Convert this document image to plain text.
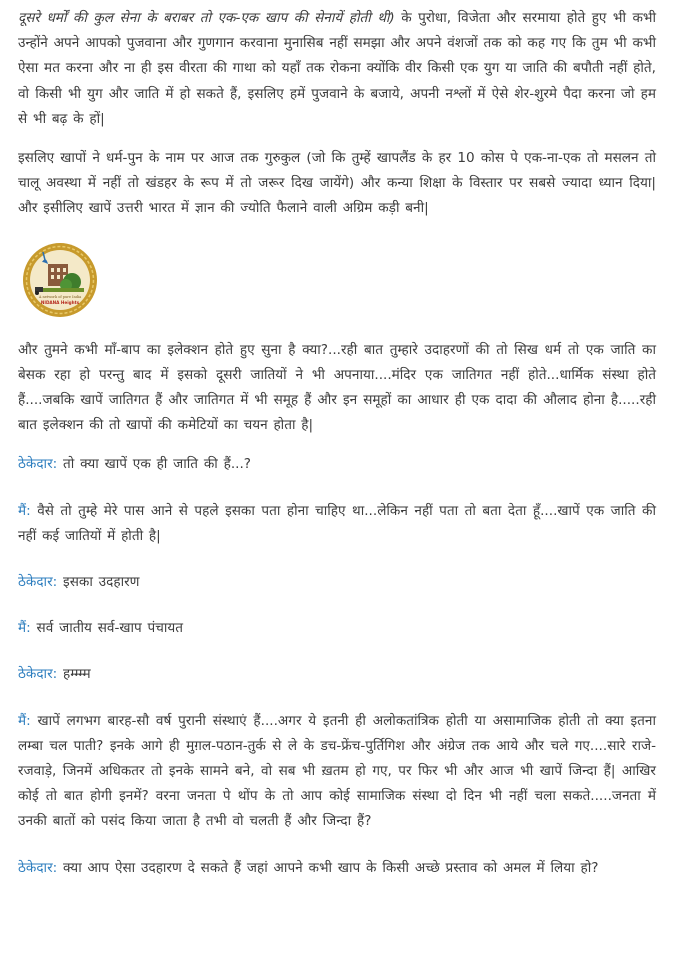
दूसरे धर्मों की कुल सेना के बराबर तो एक-एक खाप की सेनायें होती थी) के पुरोधा, विजेता और सरमाया होते हुए भी कभी उन्होंने अपने आपको पुजवाना और गुणगान करवाना मुनासिब नहीं समझा और अपने वंशजों तक को कह गए कि तुम भी कभी ऐसा मत करना और ना ही इस वीरता की गाथा को यहाँ तक रोकना क्योंकि वीर किसी एक युग या जाति की बपौती नहीं होते, वो किसी भी युग और जाति में हो सकते हैं, इसलिए हमें पुजवाने के बजाये, अपनी नश्लों में ऐसे शेर-शुरमे पैदा करना जो हम से भी बढ़ के हों|

इसलिए खापों ने धर्म-पुन के नाम पर आज तक गुरुकुल (जो कि तुम्हें खापलैंड के हर 10 कोस पे एक-ना-एक तो मसलन तो चालू अवस्था में नहीं तो खंडहर के रूप में तो जरूर दिख जायेंगे) और कन्या शिक्षा के विस्तार पर सबसे ज्यादा ध्यान दिया| और इसीलिए खापें उत्तरी भारत में ज्ञान की ज्योति फैलाने वाली अग्रिम कड़ी बनी|

A network of pure India
NIDANA Heights

और तुमने कभी माँ-बाप का इलेक्शन होते हुए सुना है क्या?...रही बात तुम्हारे उदाहरणों की तो सिख धर्म तो एक जाति का बेसक रहा हो परन्तु बाद में इसको दूसरी जातियों ने भी अपनाया....मंदिर एक जातिगत नहीं होते...धार्मिक संस्था होते हैं....जबकि खापें जातिगत हैं और जातिगत में भी समूह हैं और इन समूहों का आधार ही एक दादा की औलाद होना है.....रही बात इलेक्शन की तो खापों की कमेटियों का चयन होता है|

ठेकेदार: तो क्या खापें एक ही जाति की हैं...?

मैं: वैसे तो तुम्हे मेरे पास आने से पहले इसका पता होना चाहिए था...लेकिन नहीं पता तो बता देता हूँ....खापें एक जाति की नहीं कई जातियों में होती है|

ठेकेदार: इसका उदहारण

मैं: सर्व जातीय सर्व-खाप पंचायत

ठेकेदार: हम्म्म्म

मैं: खापें लगभग बारह-सौ वर्ष पुरानी संस्थाएं हैं....अगर ये इतनी ही अलोकतांत्रिक होती या असामाजिक होती तो क्या इतना लम्बा चल पाती? इनके आगे ही मुग़ल-पठान-तुर्क से ले के डच-फ्रेंच-पुर्तिगिश और अंग्रेज तक आये और चले गए....सारे राजे-रजवाड़े, जिनमें अधिकतर तो इनके सामने बने, वो सब भी ख़तम हो गए, पर फिर भी और आज भी खापें जिन्दा हैं| आखिर कोई तो बात होगी इनमें? वरना जनता पे थोंप के तो आप कोई सामाजिक संस्था दो दिन भी नहीं चला सकते.....जनता में उनकी बातों को पसंद किया जाता है तभी वो चलती हैं और जिन्दा हैं?

ठेकेदार: क्या आप ऐसा उदहारण दे सकते हैं जहां आपने कभी खाप के किसी अच्छे प्रस्ताव को अमल में लिया हो?
